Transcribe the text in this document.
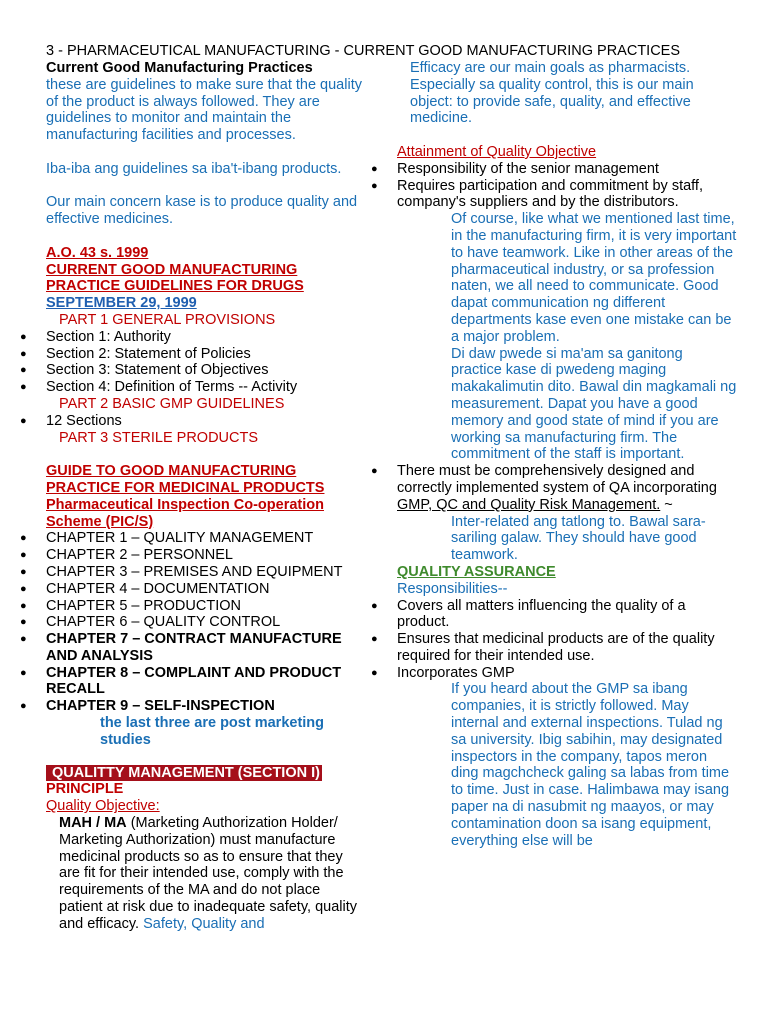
3 - PHARMACEUTICAL MANUFACTURING - CURRENT GOOD MANUFACTURING PRACTICES

Current Good Manufacturing Practices

these are guidelines to make sure that the quality of the product is always followed. They are guidelines to monitor and maintain the manufacturing facilities and processes.

Iba-iba ang guidelines sa iba't-ibang products.

Our main concern kase is to produce quality and effective medicines.

A.O. 43 s. 1999

CURRENT GOOD MANUFACTURING PRACTICE GUIDELINES FOR DRUGS

SEPTEMBER 29, 1999

PART 1 GENERAL PROVISIONS

● Section 1: Authority
● Section 2: Statement of Policies
● Section 3: Statement of Objectives
● Section 4: Definition of Terms -- Activity

PART 2 BASIC GMP GUIDELINES

● 12 Sections

PART 3 STERILE PRODUCTS

GUIDE TO GOOD MANUFACTURING PRACTICE FOR MEDICINAL PRODUCTS

Pharmaceutical Inspection Co-operation Scheme (PIC/S)

● CHAPTER 1 – QUALITY MANAGEMENT
● CHAPTER 2 – PERSONNEL
● CHAPTER 3 – PREMISES AND EQUIPMENT
● CHAPTER 4 – DOCUMENTATION
● CHAPTER 5 – PRODUCTION
● CHAPTER 6 – QUALITY CONTROL
● CHAPTER 7 – CONTRACT MANUFACTURE AND ANALYSIS
● CHAPTER 8 – COMPLAINT AND PRODUCT RECALL
● CHAPTER 9 – SELF-INSPECTION

the last three are post marketing studies

QUALITTY MANAGEMENT (SECTION I)

PRINCIPLE

Quality Objective:

MAH / MA (Marketing Authorization Holder/ Marketing Authorization) must manufacture medicinal products so as to ensure that they are fit for their intended use, comply with the requirements of the MA and do not place patient at risk due to inadequate safety, quality and efficacy. Safety, Quality and

Efficacy are our main goals as pharmacists. Especially sa quality control, this is our main object: to provide safe, quality, and effective medicine.

Attainment of Quality Objective

● Responsibility of the senior management
● Requires participation and commitment by staff, company's suppliers and by the distributors.

Of course, like what we mentioned last time, in the manufacturing firm, it is very important to have teamwork. Like in other areas of the pharmaceutical industry, or sa profession naten, we all need to communicate. Good dapat communication ng different departments kase even one mistake can be a major problem.

Di daw pwede si ma'am sa ganitong practice kase di pwedeng maging makakalimutin dito. Bawal din magkamali ng measurement. Dapat you have a good memory and good state of mind if you are working sa manufacturing firm. The commitment of the staff is important.

● There must be comprehensively designed and correctly implemented system of QA incorporating GMP, QC and Quality Risk Management. ~

Inter-related ang tatlong to. Bawal sara-sariling galaw. They should have good teamwork.

QUALITY ASSURANCE

Responsibilities--

● Covers all matters influencing the quality of a product.
● Ensures that medicinal products are of the quality required for their intended use.
● Incorporates GMP

If you heard about the GMP sa ibang companies, it is strictly followed. May internal and external inspections. Tulad ng sa university. Ibig sabihin, may designated inspectors in the company, tapos meron ding magchcheck galing sa labas from time to time. Just in case. Halimbawa may isang paper na di nasubmit ng maayos, or may contamination doon sa isang equipment, everything else will be
